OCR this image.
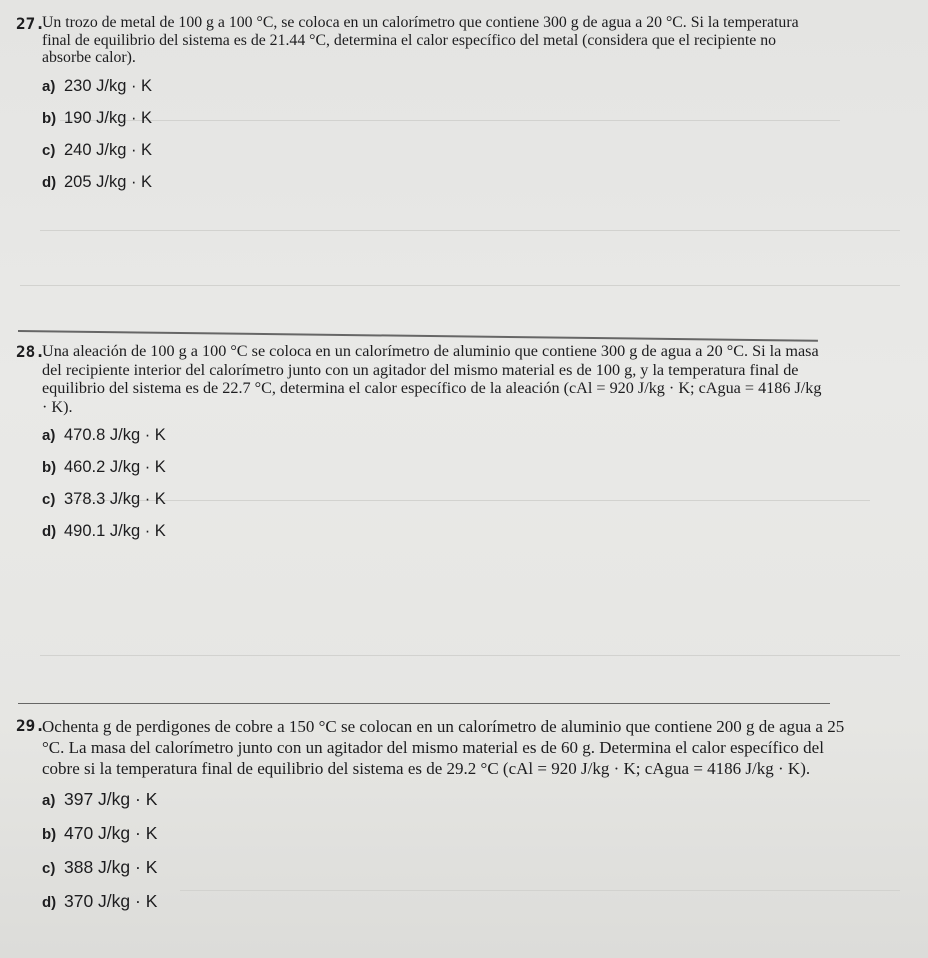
27.

Un trozo de metal de 100 g a 100 °C, se coloca en un calorímetro que contiene 300 g de agua a 20 °C. Si la temperatura final de equilibrio del sistema es de 21.44 °C, determina el calor específico del metal (considera que el recipiente no absorbe calor).

a) 230 J/kg · K
b) 190 J/kg · K
c) 240 J/kg · K
d) 205 J/kg · K
28.

Una aleación de 100 g a 100 °C se coloca en un calorímetro de aluminio que contiene 300 g de agua a 20 °C. Si la masa del recipiente interior del calorímetro junto con un agitador del mismo material es de 100 g, y la temperatura final de equilibrio del sistema es de 22.7 °C, determina el calor específico de la aleación (cAl = 920 J/kg · K; cAgua = 4186 J/kg · K).

a) 470.8 J/kg · K
b) 460.2 J/kg · K
c) 378.3 J/kg · K
d) 490.1 J/kg · K
29.

Ochenta g de perdigones de cobre a 150 °C se colocan en un calorímetro de aluminio que contiene 200 g de agua a 25 °C. La masa del calorímetro junto con un agitador del mismo material es de 60 g. Determina el calor específico del cobre si la temperatura final de equilibrio del sistema es de 29.2 °C (cAl = 920 J/kg · K; cAgua = 4186 J/kg · K).

a) 397 J/kg · K
b) 470 J/kg · K
c) 388 J/kg · K
d) 370 J/kg · K
